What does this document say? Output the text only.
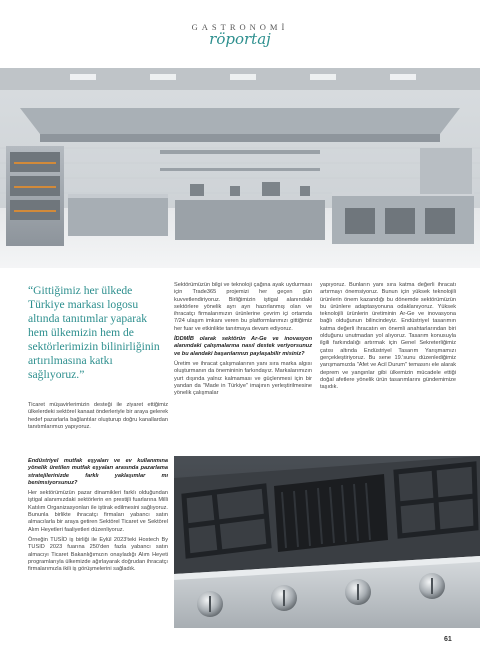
GASTRONOMİ
röportaj
“Gittiğimiz her ülkede Türkiye markası logosu altında tanıtımlar yaparak hem ülkemizin hem de sektörlerimizin bilinirliğinin artırılmasına katkı sağlıyoruz.”

Ticaret müşavirlerimizin desteği ile ziyaret ettiğimiz ülkelerdeki sektörel kanaat önderleriyle bir araya gelerek hedef pazarlarla bağlantılar oluşturup doğru kanallardan tanıtımlarımızı yapıyoruz.

Endüstriyel mutfak eşyaları ve ev kullanımına yönelik üretilen mutfak eşyaları arasında pazarlama stratejilerinizde farklı yaklaşımlar mı benimsiyorsunuz?

Her sektörümüzün pazar dinamikleri farklı olduğundan iştigal alanımızdaki sektörlerin en prestijli fuarlarına Milli Katılım Organizasyonları ile iştirak edilmesini sağlıyoruz. Bununla birlikte ihracatçı firmaları yabancı satın almacılarla bir araya getiren Sektörel Ticaret ve Sektörel Alım Heyetleri faaliyetleri düzenliyoruz.

Örneğin TUSİD iş birliği ile Eylül 2023'teki Hostech By TUSID 2023 fuarına 250'den fazla yabancı satın almacıyı Ticaret Bakanlığımızın onayladığı Alım Heyeti programlarıyla ülkemizde ağırlayarak doğrudan ihracatçı firmalarımızla ikili iş görüşmelerini sağladık.

Sektörümüzün bilgi ve teknoloji çağına ayak uydurması için Trade365 projemizi her geçen gün kuvvetlendiriyoruz. Birliğimizin iştigal alanındaki sektörlere yönelik ayrı ayrı hazırlanmış olan ve ihracatçı firmalarımızın ürünlerine çevrim içi ortamda 7/24 ulaşım imkanı veren bu platformlarımızı gittiğimiz her fuar ve etkinlikte tanıtmaya devam ediyoruz.

İDDMİB olarak sektörün Ar-Ge ve inovasyon alanındaki çalışmalarına nasıl destek veriyorsunuz ve bu alandaki başarılarınızı paylaşabilir misiniz?

Üretim ve ihracat çalışmalarının yanı sıra marka algısı oluşturmanın da önemininin farkındayız. Markalarımızın yurt dışında yalnız kalmaması ve güçlenmesi için bir yandan da "Made in Türkiye" imajının yerleştirilmesine yönelik çalışmalar

yapıyoruz. Bunların yanı sıra katma değerli ihracatı artırmayı önemsiyoruz. Bunun için yüksek teknolojili ürünlerin önem kazandığı bu dönemde sektörümüzün bu ürünlere adaptasyonuna odaklanıyoruz. Yüksek teknolojili ürünlerin üretiminin Ar-Ge ve inovasyona bağlı olduğunun bilincindeyiz. Endüstriyel tasarımın katma değerli ihracatın en önemli anahtarlarından biri olduğunu unutmadan yol alıyoruz. Tasarım konusuyla ilgili farkındalığı artırmak için Genel Sekreterliğimiz çatısı altında Endüstriyel Tasarım Yarışmamızı gerçekleştiriyoruz. Bu sene 19.'sunu düzenlediğimiz yarışmamızda "Afet ve Acil Durum" temasını ele alarak deprem ve yangınlar gibi ülkemizin mücadele ettiği doğal afetlere yönelik ürün tasarımlarını gündemimize taşıdık.

61
